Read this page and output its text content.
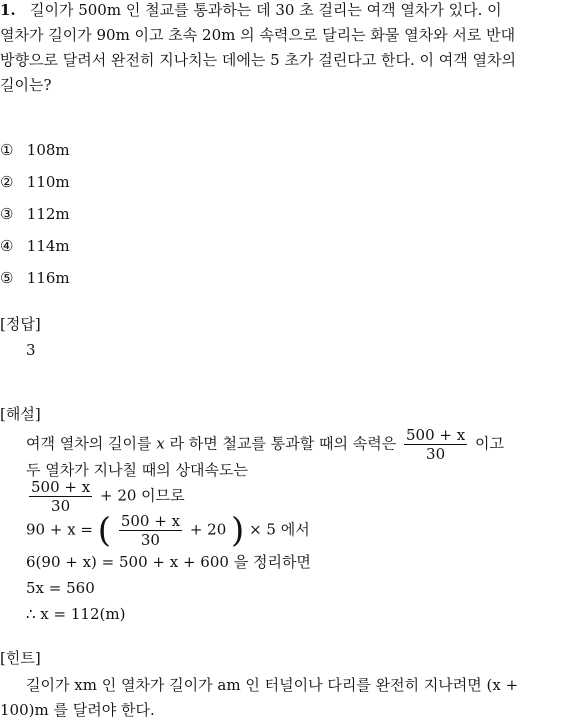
1. 길이가 500m 인 철교를 통과하는 데 30 초 걸리는 여객 열차가 있다. 이
열차가 길이가 90m 이고 초속 20m 의 속력으로 달리는 화물 열차와 서로 반대
방향으로 달려서 완전히 지나치는 데에는 5 초가 걸린다고 한다. 이 여객 열차의
길이는?
① 108m
② 110m
③ 112m
④ 114m
⑤ 116m
[정답]
3
[해설]
여객 열차의 길이를 x 라 하면 철교를 통과할 때의 속력은 $\frac{500 + x}{30}$ 이고
두 열차가 지나칠 때의 상대속도는
$\frac{500 + x}{30} + 20$ 이므로
90 + x = ( $\frac{500 + x}{30} + 20$ ) × 5 에서
6(90 + x) = 500 + x + 600 을 정리하면
5x = 560
∴ x = 112(m)
[힌트]
길이가 xm 인 열차가 길이가 am 인 터널이나 다리를 완전히 지나려면 (x +
100)m 를 달려야 한다.
